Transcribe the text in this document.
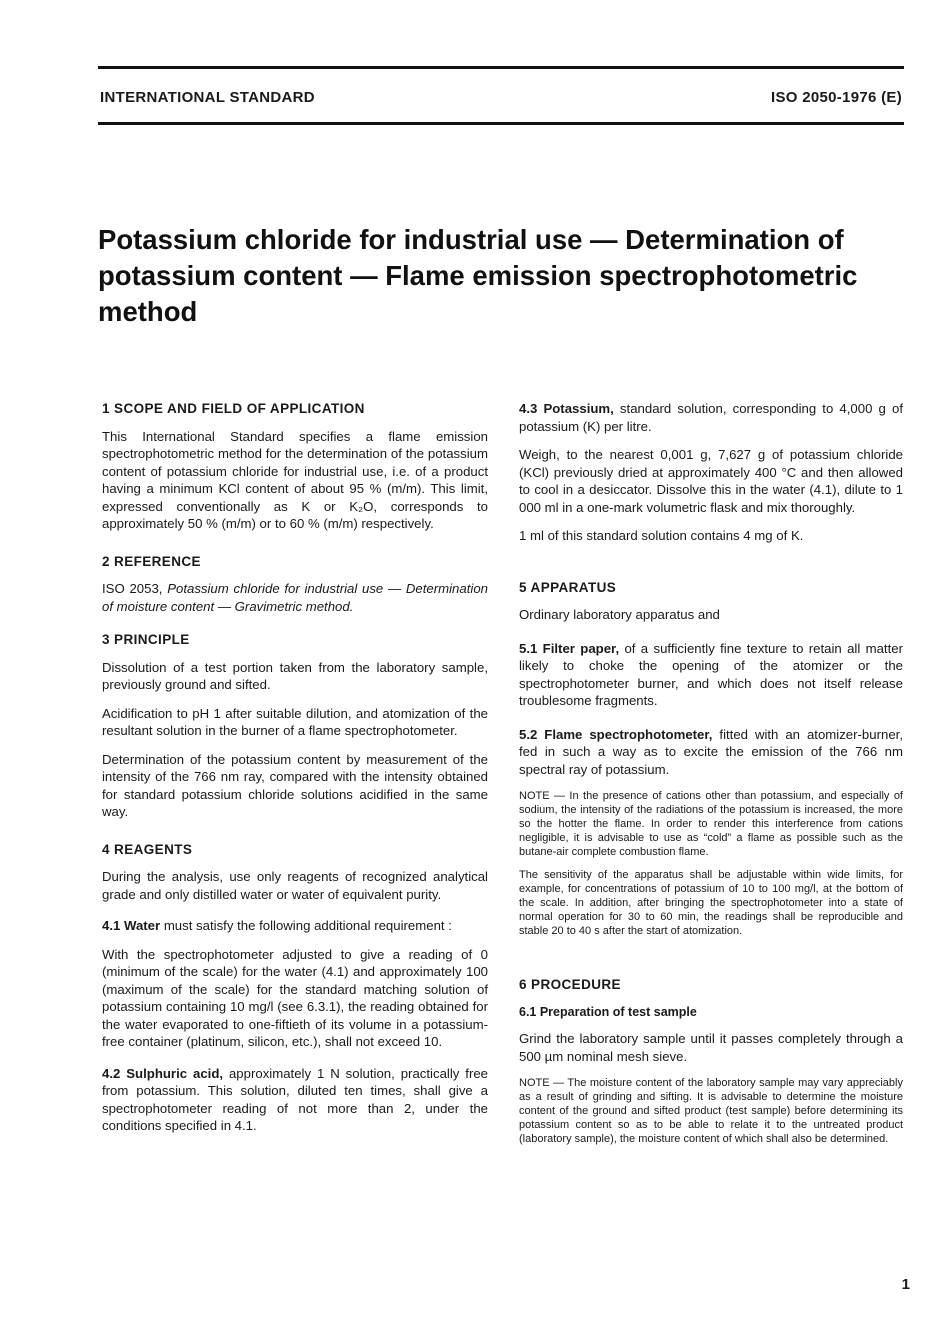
INTERNATIONAL STANDARD	ISO 2050-1976 (E)
Potassium chloride for industrial use — Determination of potassium content — Flame emission spectrophotometric method
1 SCOPE AND FIELD OF APPLICATION

This International Standard specifies a flame emission spectrophotometric method for the determination of the potassium content of potassium chloride for industrial use, i.e. of a product having a minimum KCl content of about 95 % (m/m). This limit, expressed conventionally as K or K₂O, corresponds to approximately 50 % (m/m) or to 60 % (m/m) respectively.

2 REFERENCE

ISO 2053, Potassium chloride for industrial use — Determination of moisture content — Gravimetric method.

3 PRINCIPLE

Dissolution of a test portion taken from the laboratory sample, previously ground and sifted.

Acidification to pH 1 after suitable dilution, and atomization of the resultant solution in the burner of a flame spectrophotometer.

Determination of the potassium content by measurement of the intensity of the 766 nm ray, compared with the intensity obtained for standard potassium chloride solutions acidified in the same way.

4 REAGENTS

During the analysis, use only reagents of recognized analytical grade and only distilled water or water of equivalent purity.

4.1 Water must satisfy the following additional requirement :

With the spectrophotometer adjusted to give a reading of 0 (minimum of the scale) for the water (4.1) and approximately 100 (maximum of the scale) for the standard matching solution of potassium containing 10 mg/l (see 6.3.1), the reading obtained for the water evaporated to one-fiftieth of its volume in a potassium-free container (platinum, silicon, etc.), shall not exceed 10.

4.2 Sulphuric acid, approximately 1 N solution, practically free from potassium. This solution, diluted ten times, shall give a spectrophotometer reading of not more than 2, under the conditions specified in 4.1.

4.3 Potassium, standard solution, corresponding to 4,000 g of potassium (K) per litre.

Weigh, to the nearest 0,001 g, 7,627 g of potassium chloride (KCl) previously dried at approximately 400 °C and then allowed to cool in a desiccator. Dissolve this in the water (4.1), dilute to 1 000 ml in a one-mark volumetric flask and mix thoroughly.

1 ml of this standard solution contains 4 mg of K.

5 APPARATUS

Ordinary laboratory apparatus and

5.1 Filter paper, of a sufficiently fine texture to retain all matter likely to choke the opening of the atomizer or the spectrophotometer burner, and which does not itself release troublesome fragments.

5.2 Flame spectrophotometer, fitted with an atomizer-burner, fed in such a way as to excite the emission of the 766 nm spectral ray of potassium.

NOTE — In the presence of cations other than potassium, and especially of sodium, the intensity of the radiations of the potassium is increased, the more so the hotter the flame. In order to render this interference from cations negligible, it is advisable to use as “cold” a flame as possible such as the butane-air complete combustion flame.

The sensitivity of the apparatus shall be adjustable within wide limits, for example, for concentrations of potassium of 10 to 100 mg/l, at the bottom of the scale. In addition, after bringing the spectrophotometer into a state of normal operation for 30 to 60 min, the readings shall be reproducible and stable 20 to 40 s after the start of atomization.

6 PROCEDURE
6.1 Preparation of test sample

Grind the laboratory sample until it passes completely through a 500 µm nominal mesh sieve.

NOTE — The moisture content of the laboratory sample may vary appreciably as a result of grinding and sifting. It is advisable to determine the moisture content of the ground and sifted product (test sample) before determining its potassium content so as to be able to relate it to the untreated product (laboratory sample), the moisture content of which shall also be determined.

1
